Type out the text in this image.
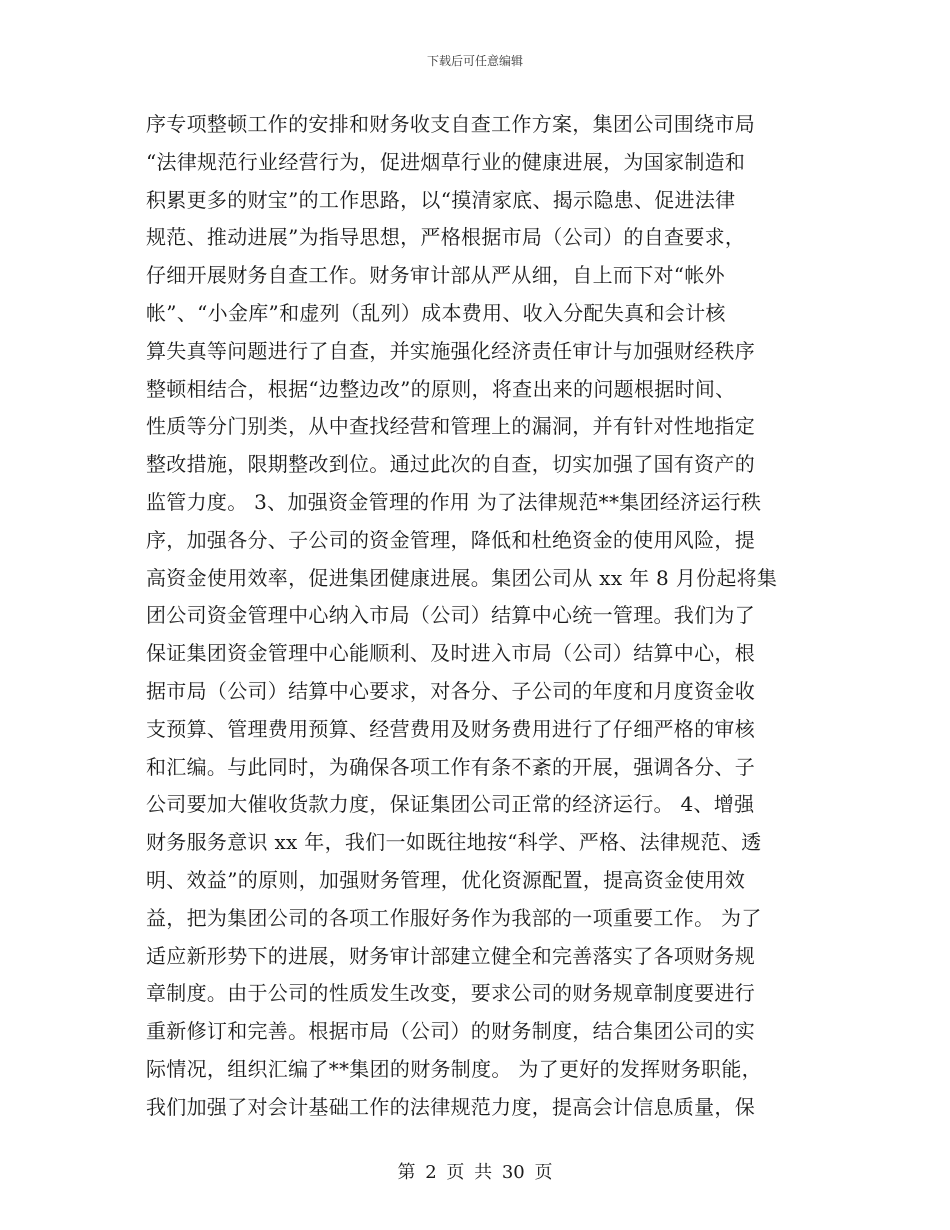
下载后可任意编辑
序专项整顿工作的安排和财务收支自查工作方案，集团公司围绕市局
“法律规范行业经营行为，促进烟草行业的健康进展，为国家制造和
积累更多的财宝”的工作思路，以“摸清家底、揭示隐患、促进法律
规范、推动进展”为指导思想，严格根据市局（公司）的自查要求，
仔细开展财务自查工作。财务审计部从严从细，自上而下对“帐外
帐”、“小金库”和虚列（乱列）成本费用、收入分配失真和会计核
算失真等问题进行了自查，并实施强化经济责任审计与加强财经秩序
整顿相结合，根据“边整边改”的原则，将查出来的问题根据时间、
性质等分门别类，从中查找经营和管理上的漏洞，并有针对性地指定
整改措施，限期整改到位。通过此次的自查，切实加强了国有资产的
监管力度。 3、加强资金管理的作用 为了法律规范**集团经济运行秩
序，加强各分、子公司的资金管理，降低和杜绝资金的使用风险，提
高资金使用效率，促进集团健康进展。集团公司从 xx 年 8 月份起将集
团公司资金管理中心纳入市局（公司）结算中心统一管理。我们为了
保证集团资金管理中心能顺利、及时进入市局（公司）结算中心，根
据市局（公司）结算中心要求，对各分、子公司的年度和月度资金收
支预算、管理费用预算、经营费用及财务费用进行了仔细严格的审核
和汇编。与此同时，为确保各项工作有条不紊的开展，强调各分、子
公司要加大催收货款力度，保证集团公司正常的经济运行。 4、增强
财务服务意识 xx 年，我们一如既往地按“科学、严格、法律规范、透
明、效益”的原则，加强财务管理，优化资源配置，提高资金使用效
益，把为集团公司的各项工作服好务作为我部的一项重要工作。 为了
适应新形势下的进展，财务审计部建立健全和完善落实了各项财务规
章制度。由于公司的性质发生改变，要求公司的财务规章制度要进行
重新修订和完善。根据市局（公司）的财务制度，结合集团公司的实
际情况，组织汇编了**集团的财务制度。 为了更好的发挥财务职能，
我们加强了对会计基础工作的法律规范力度，提高会计信息质量，保
第 2 页 共 30 页
